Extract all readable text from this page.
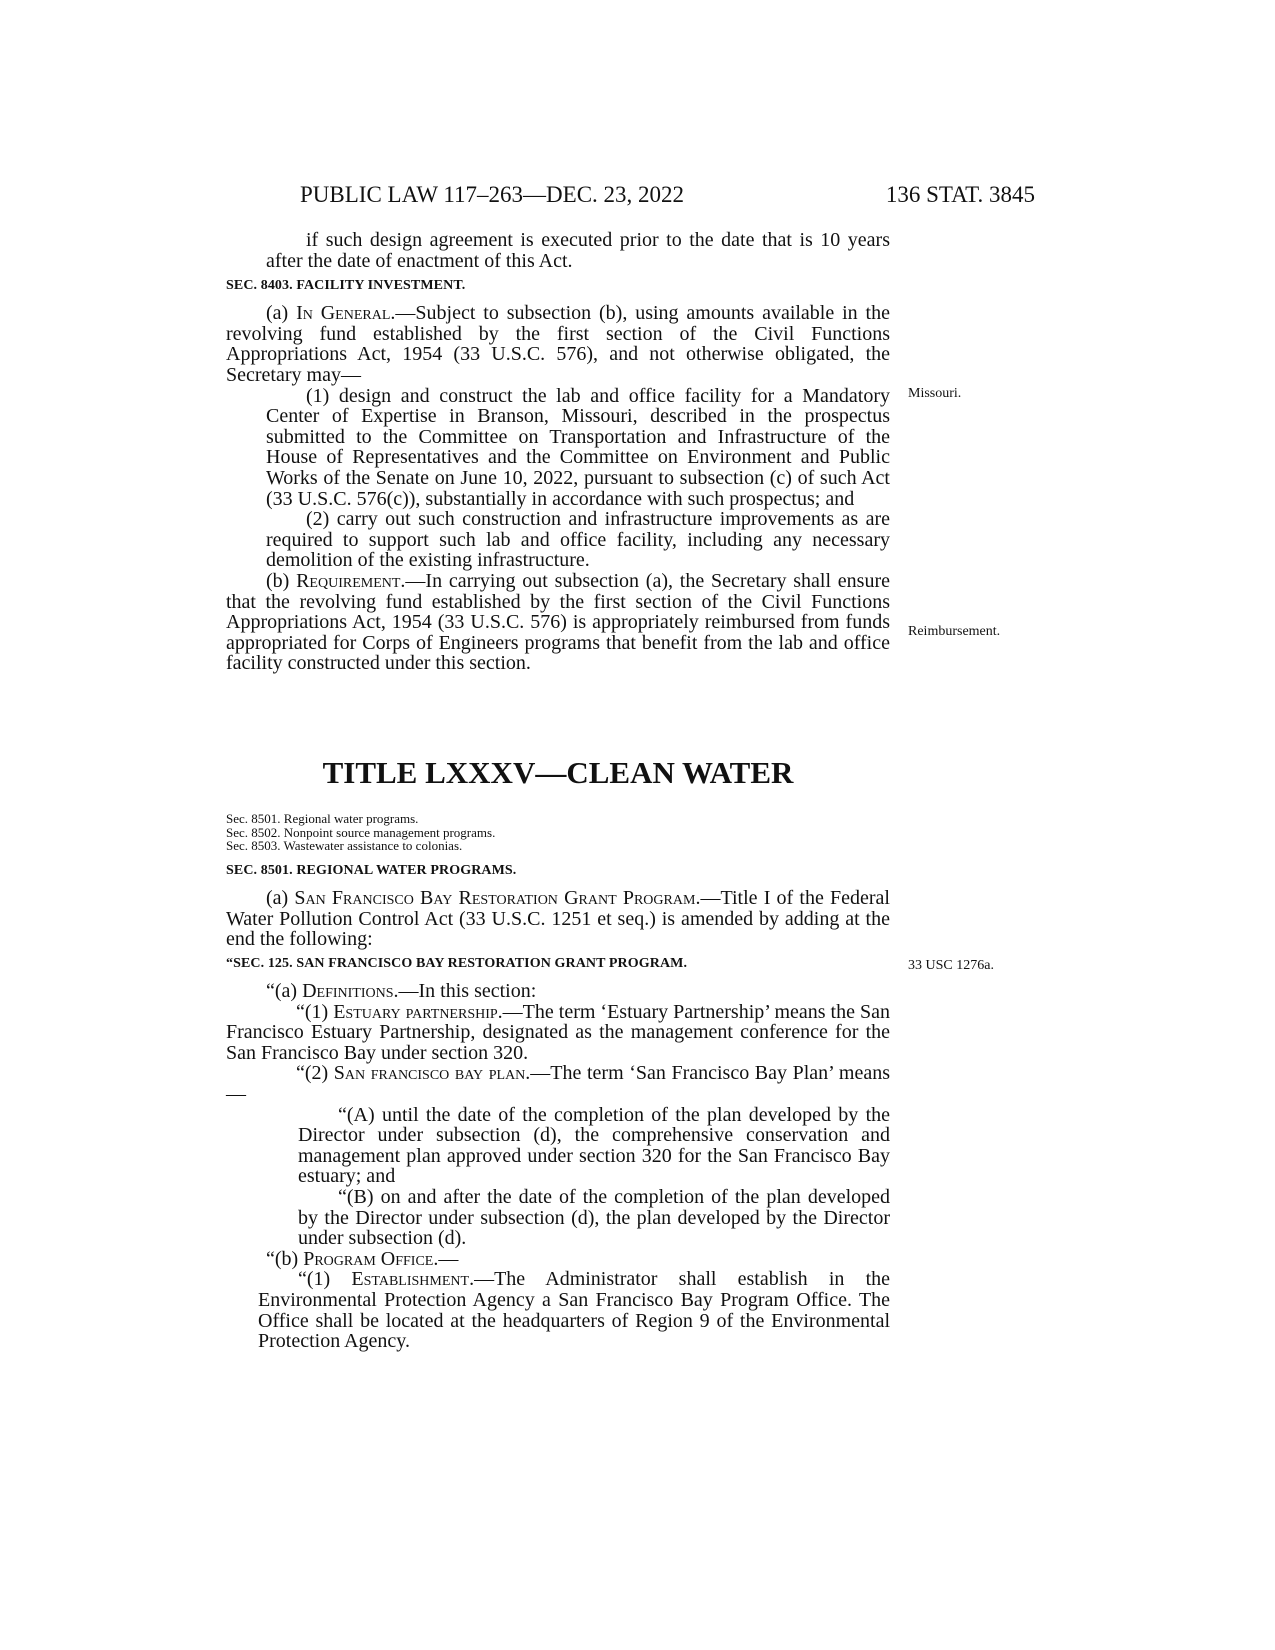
PUBLIC LAW 117–263—DEC. 23, 2022	136 STAT. 3845

if such design agreement is executed prior to the date that is 10 years after the date of enactment of this Act.

SEC. 8403. FACILITY INVESTMENT.

(a) In General.—Subject to subsection (b), using amounts available in the revolving fund established by the first section of the Civil Functions Appropriations Act, 1954 (33 U.S.C. 576), and not otherwise obligated, the Secretary may—

(1) design and construct the lab and office facility for a Mandatory Center of Expertise in Branson, Missouri, described in the prospectus submitted to the Committee on Transportation and Infrastructure of the House of Representatives and the Committee on Environment and Public Works of the Senate on June 10, 2022, pursuant to subsection (c) of such Act (33 U.S.C. 576(c)), substantially in accordance with such prospectus; and

(2) carry out such construction and infrastructure improvements as are required to support such lab and office facility, including any necessary demolition of the existing infrastructure.

(b) Requirement.—In carrying out subsection (a), the Secretary shall ensure that the revolving fund established by the first section of the Civil Functions Appropriations Act, 1954 (33 U.S.C. 576) is appropriately reimbursed from funds appropriated for Corps of Engineers programs that benefit from the lab and office facility constructed under this section.

Missouri.
Reimbursement.
TITLE LXXXV—CLEAN WATER

Sec. 8501. Regional water programs.

Sec. 8502. Nonpoint source management programs.

Sec. 8503. Wastewater assistance to colonias.

SEC. 8501. REGIONAL WATER PROGRAMS.

(a) San Francisco Bay Restoration Grant Program.—Title I of the Federal Water Pollution Control Act (33 U.S.C. 1251 et seq.) is amended by adding at the end the following:

“SEC. 125. SAN FRANCISCO BAY RESTORATION GRANT PROGRAM.

“(a) Definitions.—In this section:

“(1) Estuary partnership.—The term ‘Estuary Partnership’ means the San Francisco Estuary Partnership, designated as the management conference for the San Francisco Bay under section 320.

“(2) San francisco bay plan.—The term ‘San Francisco Bay Plan’ means—

“(A) until the date of the completion of the plan developed by the Director under subsection (d), the comprehensive conservation and management plan approved under section 320 for the San Francisco Bay estuary; and

“(B) on and after the date of the completion of the plan developed by the Director under subsection (d), the plan developed by the Director under subsection (d).

“(b) Program Office.—

“(1) Establishment.—The Administrator shall establish in the Environmental Protection Agency a San Francisco Bay Program Office. The Office shall be located at the headquarters of Region 9 of the Environmental Protection Agency.

33 USC 1276a.
